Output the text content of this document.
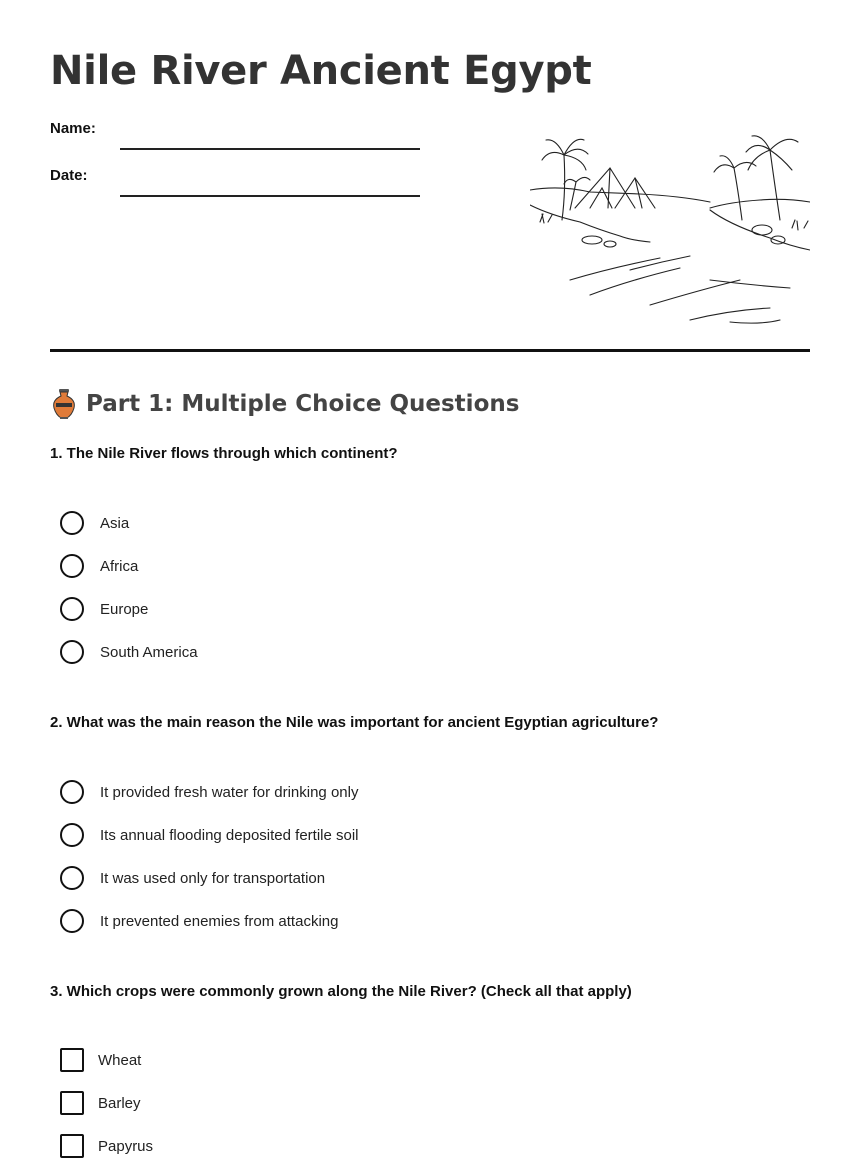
Nile River Ancient Egypt
Name:
Date:
Part 1: Multiple Choice Questions

1. The Nile River flows through which continent?

Asia
Africa
Europe
South America

2. What was the main reason the Nile was important for ancient Egyptian agriculture?

It provided fresh water for drinking only
Its annual flooding deposited fertile soil
It was used only for transportation
It prevented enemies from attacking

3. Which crops were commonly grown along the Nile River? (Check all that apply)

Wheat
Barley
Papyrus
